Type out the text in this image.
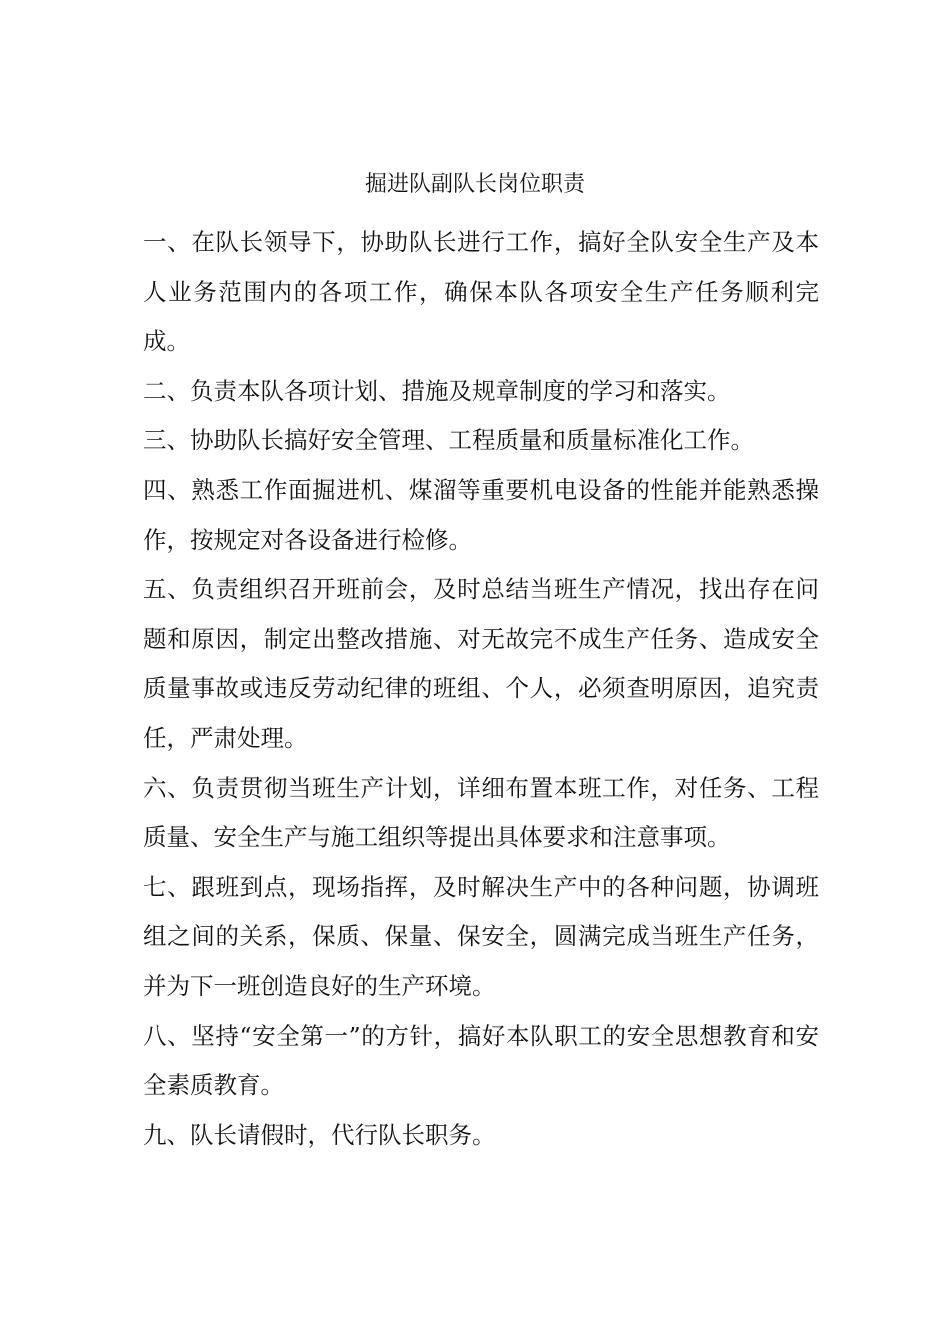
掘进队副队长岗位职责

一、在队长领导下，协助队长进行工作，搞好全队安全生产及本人业务范围内的各项工作，确保本队各项安全生产任务顺利完成。

二、负责本队各项计划、措施及规章制度的学习和落实。

三、协助队长搞好安全管理、工程质量和质量标准化工作。

四、熟悉工作面掘进机、煤溜等重要机电设备的性能并能熟悉操作，按规定对各设备进行检修。

五、负责组织召开班前会，及时总结当班生产情况，找出存在问题和原因，制定出整改措施、对无故完不成生产任务、造成安全质量事故或违反劳动纪律的班组、个人，必须查明原因，追究责任，严肃处理。

六、负责贯彻当班生产计划，详细布置本班工作，对任务、工程质量、安全生产与施工组织等提出具体要求和注意事项。

七、跟班到点，现场指挥，及时解决生产中的各种问题，协调班组之间的关系，保质、保量、保安全，圆满完成当班生产任务，并为下一班创造良好的生产环境。

八、坚持“安全第一”的方针，搞好本队职工的安全思想教育和安全素质教育。

九、队长请假时，代行队长职务。
